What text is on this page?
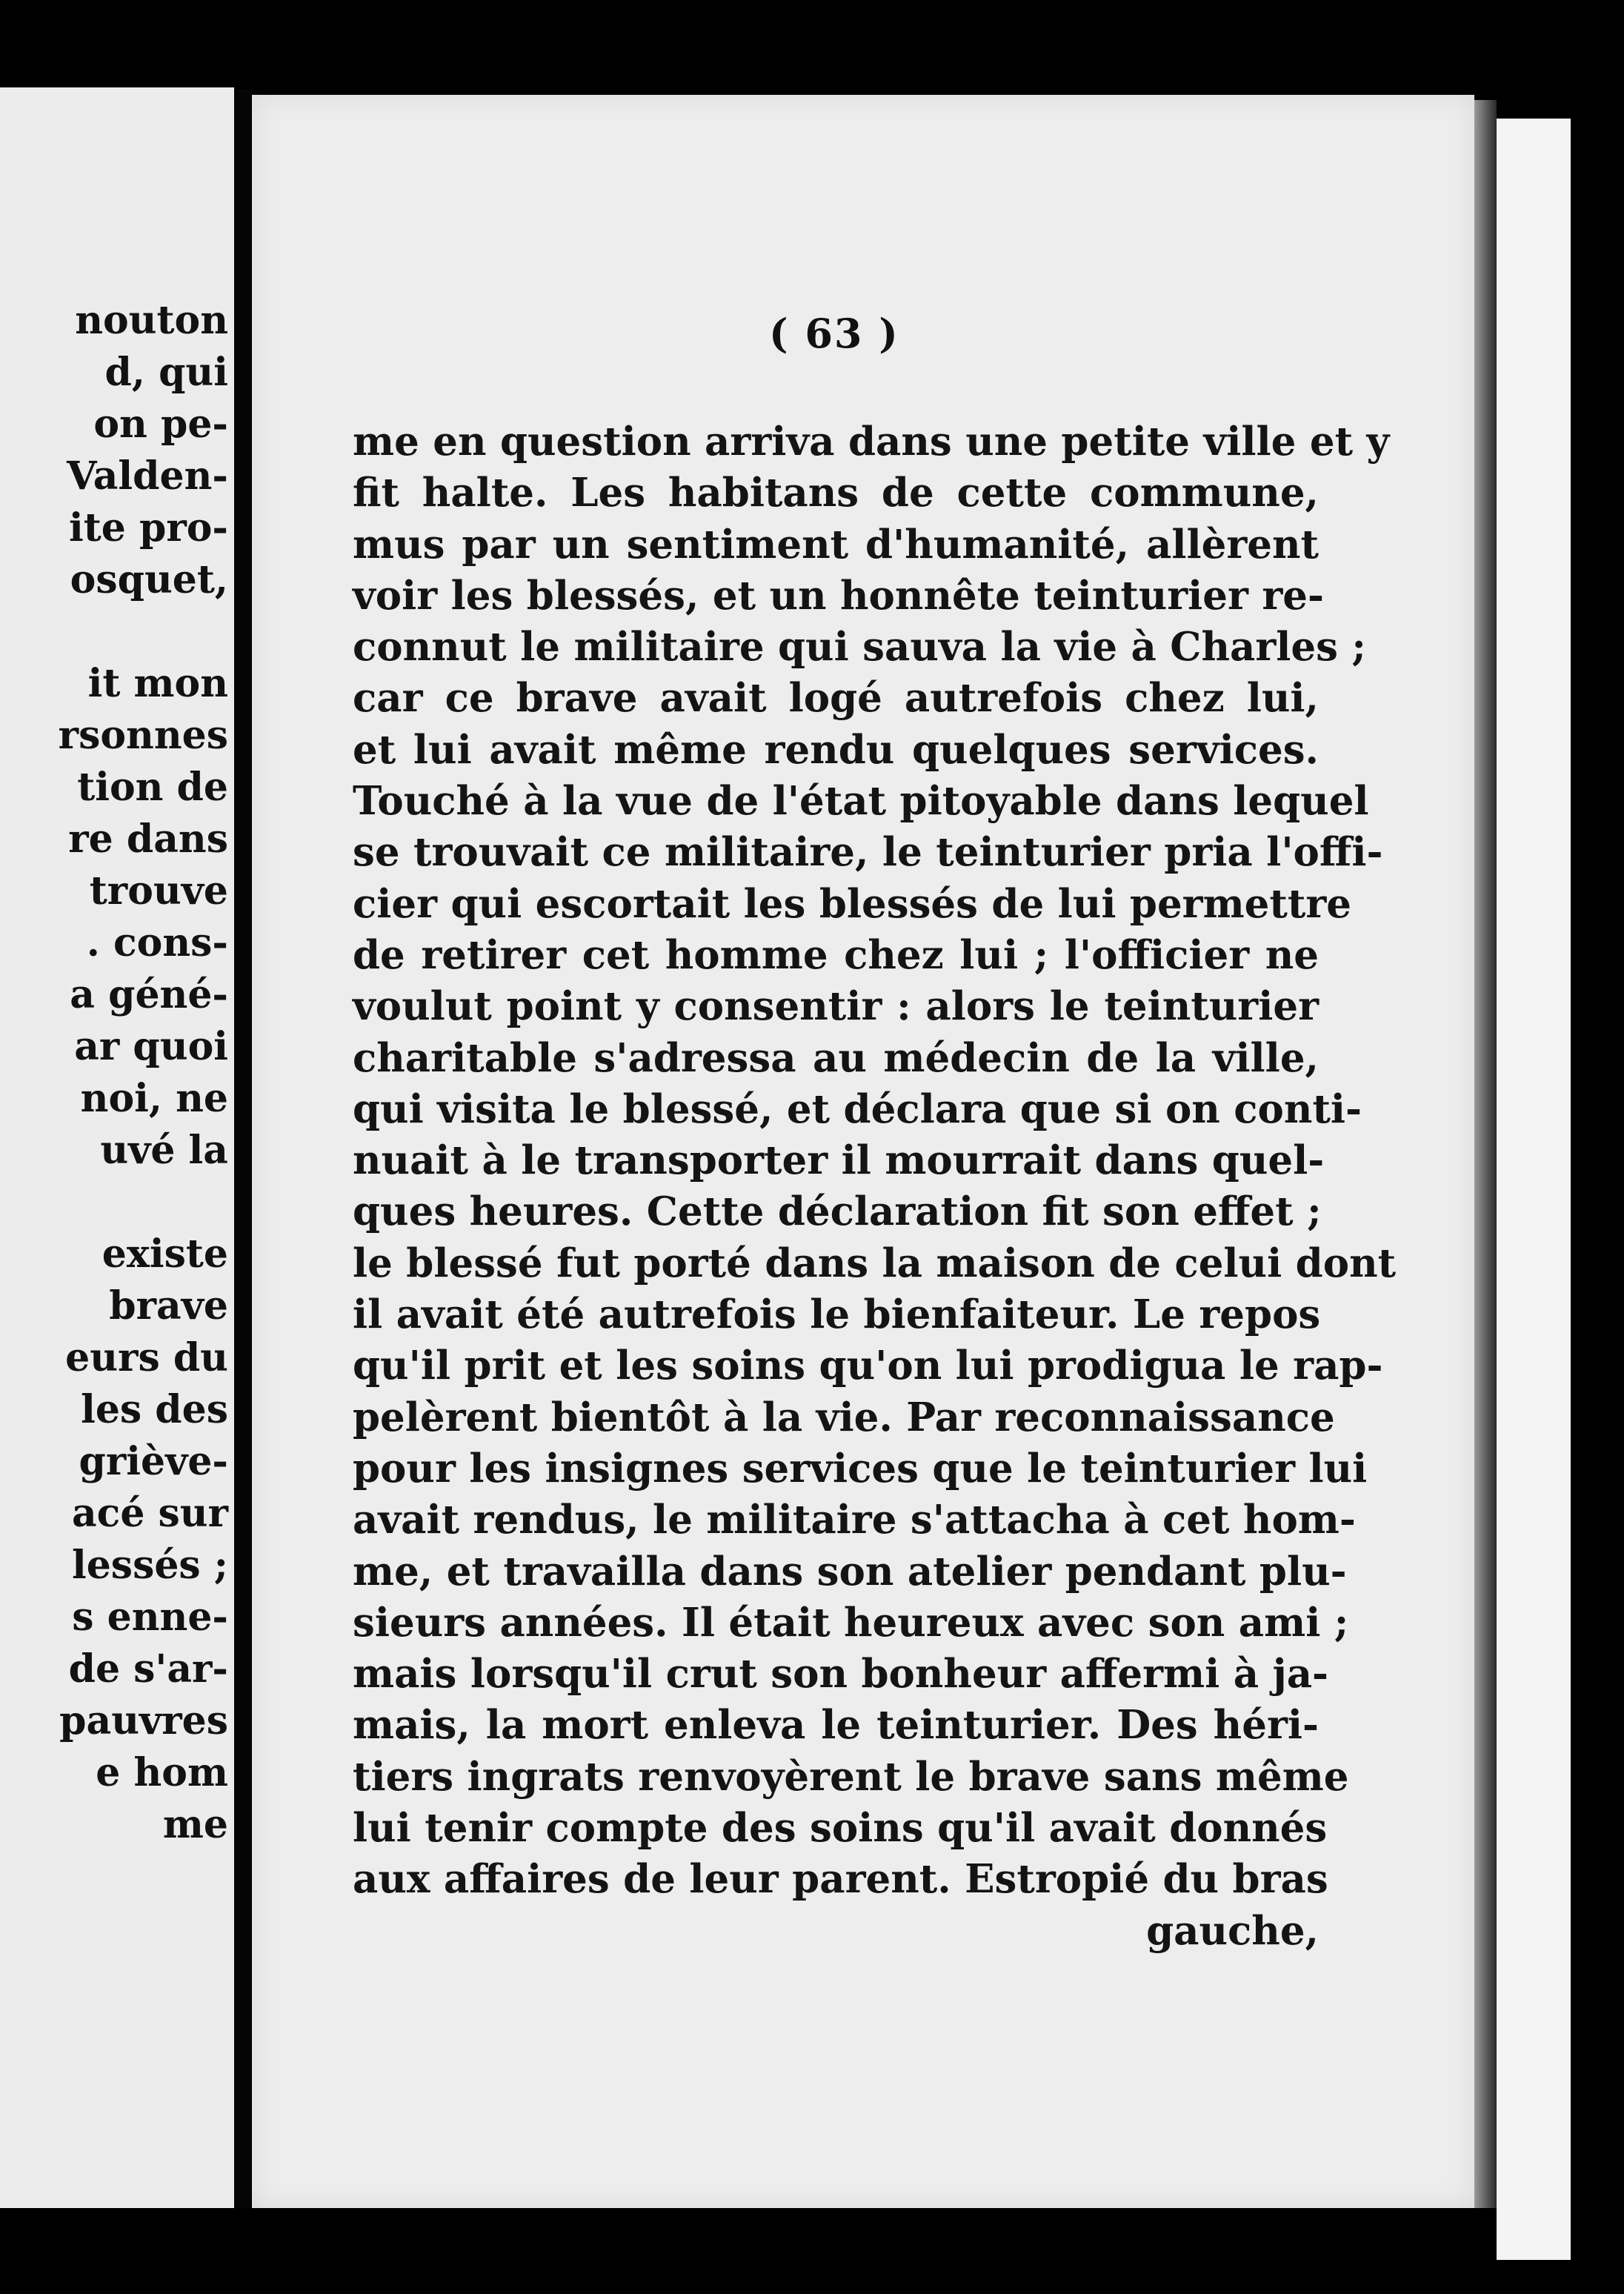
nouton
d, qui
on pe-
Valden-
ite pro-
osquet,
it mon
rsonnes
tion de
re dans
trouve
. cons-
a géné-
ar quoi
noi, ne
uvé la
existe
brave
eurs du
les des
grièvе-
acé sur
lessés ;
s enne-
de s'ar-
pauvres
e hom
me
( 63 )
me en question arriva dans une petite ville et y
fit halte. Les habitans de cette commune,
mus par un sentiment d'humanité, allèrent
voir les blessés, et un honnête teinturier re-
connut le militaire qui sauva la vie à Charles ;
car ce brave avait logé autrefois chez lui,
et lui avait même rendu quelques services.
Touché à la vue de l'état pitoyable dans lequel
se trouvait ce militaire, le teinturier pria l'offi-
cier qui escortait les blessés de lui permettre
de retirer cet homme chez lui ; l'officier ne
voulut point y consentir : alors le teinturier
charitable s'adressa au médecin de la ville,
qui visita le blessé, et déclara que si on conti-
nuait à le transporter il mourrait dans quel-
ques heures. Cette déclaration fit son effet ;
le blessé fut porté dans la maison de celui dont
il avait été autrefois le bienfaiteur. Le repos
qu'il prit et les soins qu'on lui prodigua le rap-
pelèrent bientôt à la vie. Par reconnaissance
pour les insignes services que le teinturier lui
avait rendus, le militaire s'attacha à cet hom-
me, et travailla dans son atelier pendant plu-
sieurs années. Il était heureux avec son ami ;
mais lorsqu'il crut son bonheur affermi à ja-
mais, la mort enleva le teinturier. Des héri-
tiers ingrats renvoyèrent le brave sans même
lui tenir compte des soins qu'il avait donnés
aux affaires de leur parent. Estropié du bras
gauche,
